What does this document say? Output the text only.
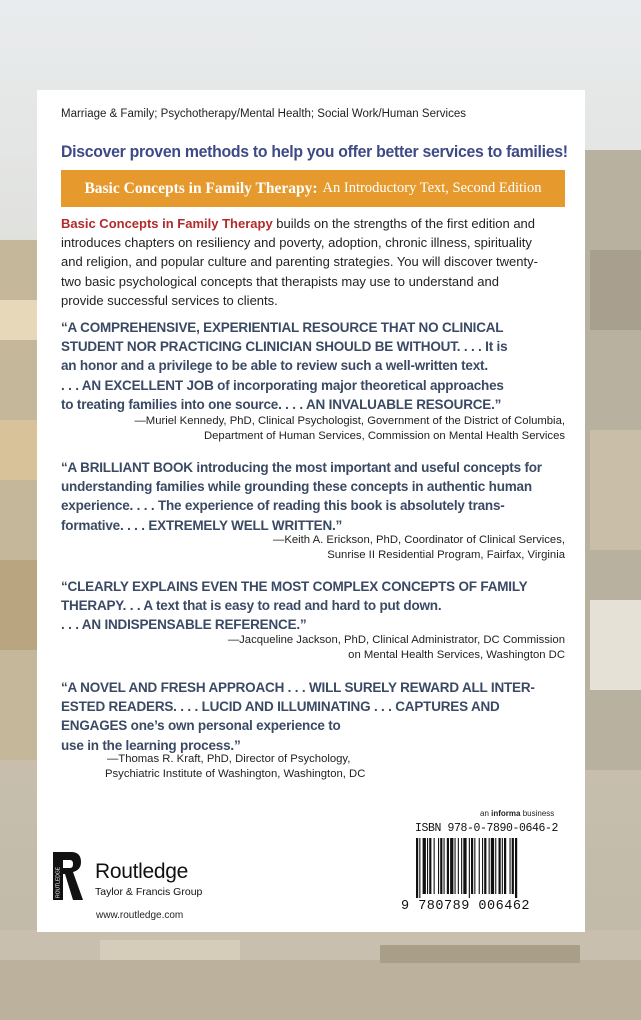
Marriage & Family; Psychotherapy/Mental Health; Social Work/Human Services
Discover proven methods to help you offer better services to families!
Basic Concepts in Family Therapy: An Introductory Text, Second Edition
Basic Concepts in Family Therapy builds on the strengths of the first edition and
introduces chapters on resiliency and poverty, adoption, chronic illness, spirituality
and religion, and popular culture and parenting strategies. You will discover twenty-
two basic psychological concepts that therapists may use to understand and
provide successful services to clients.
“A COMPREHENSIVE, EXPERIENTIAL RESOURCE THAT NO CLINICAL
STUDENT NOR PRACTICING CLINICIAN SHOULD BE WITHOUT. . . . It is
an honor and a privilege to be able to review such a well-written text.
. . . AN EXCELLENT JOB of incorporating major theoretical approaches
to treating families into one source. . . . AN INVALUABLE RESOURCE.”
—Muriel Kennedy, PhD, Clinical Psychologist, Government of the District of Columbia,
Department of Human Services, Commission on Mental Health Services
“A BRILLIANT BOOK introducing the most important and useful concepts for
understanding families while grounding these concepts in authentic human
experience. . . . The experience of reading this book is absolutely trans-
formative. . . . EXTREMELY WELL WRITTEN.”
—Keith A. Erickson, PhD, Coordinator of Clinical Services,
Sunrise II Residential Program, Fairfax, Virginia
“CLEARLY EXPLAINS EVEN THE MOST COMPLEX CONCEPTS OF FAMILY
THERAPY. . . A text that is easy to read and hard to put down.
. . . AN INDISPENSABLE REFERENCE.”
—Jacqueline Jackson, PhD, Clinical Administrator, DC Commission
on Mental Health Services, Washington DC
“A NOVEL AND FRESH APPROACH . . . WILL SURELY REWARD ALL INTER-
ESTED READERS. . . . LUCID AND ILLUMINATING . . . CAPTURES AND
ENGAGES one’s own personal experience to
use in the learning process.”
—Thomas R. Kraft, PhD, Director of Psychology,
Psychiatric Institute of Washington, Washington, DC
ROUTLEDGE Routledge
Taylor & Francis Group
www.routledge.com
an informa business
ISBN 978-0-7890-0646-2
9 780789 006462
